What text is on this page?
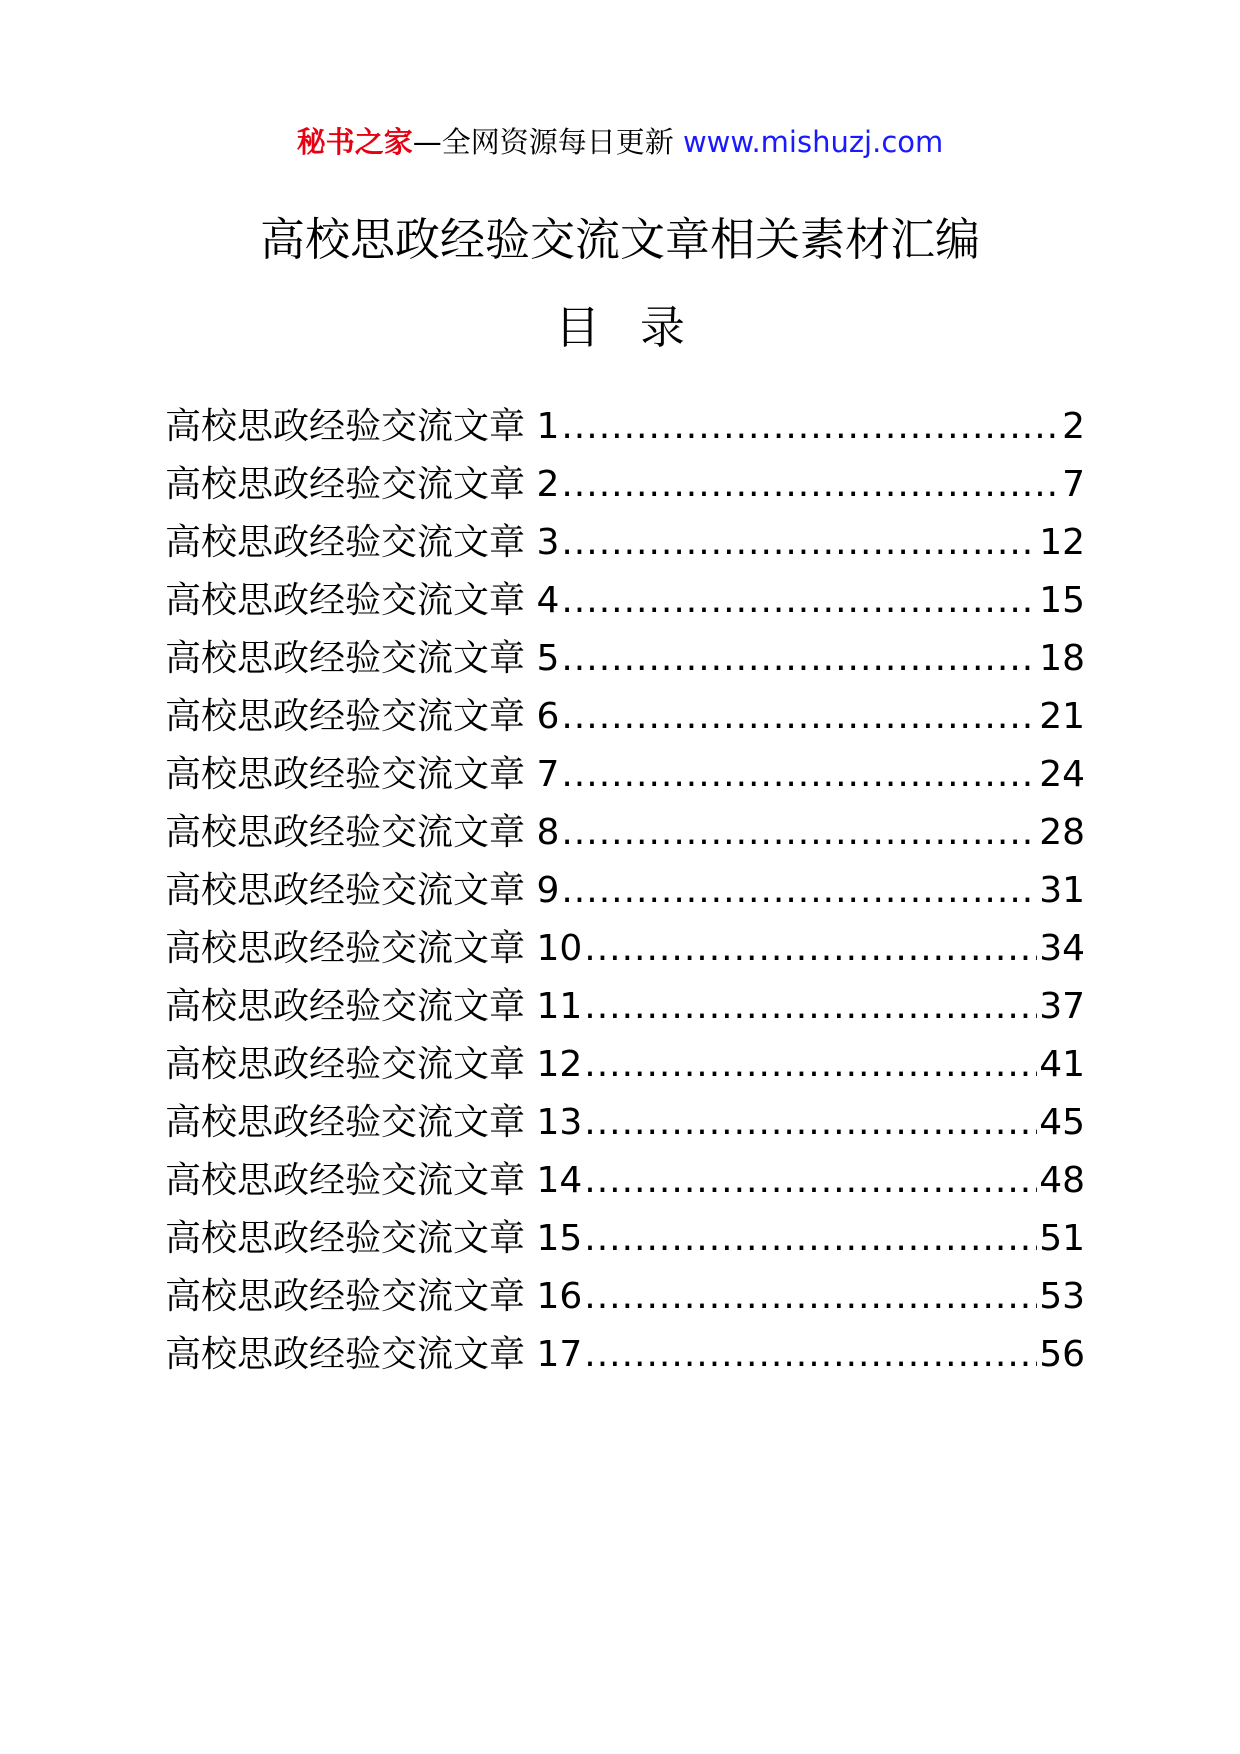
秘书之家—全网资源每日更新 www.mishuzj.com
高校思政经验交流文章相关素材汇编
目录
高校思政经验交流文章 1 .....	2
高校思政经验交流文章 2 .....	7
高校思政经验交流文章 3 .....	12
高校思政经验交流文章 4 .....	15
高校思政经验交流文章 5 .....	18
高校思政经验交流文章 6 .....	21
高校思政经验交流文章 7 .....	24
高校思政经验交流文章 8 .....	28
高校思政经验交流文章 9 .....	31
高校思政经验交流文章 10 .....	34
高校思政经验交流文章 11 .....	37
高校思政经验交流文章 12 .....	41
高校思政经验交流文章 13 .....	45
高校思政经验交流文章 14 .....	48
高校思政经验交流文章 15 .....	51
高校思政经验交流文章 16 .....	53
高校思政经验交流文章 17 .....	56
